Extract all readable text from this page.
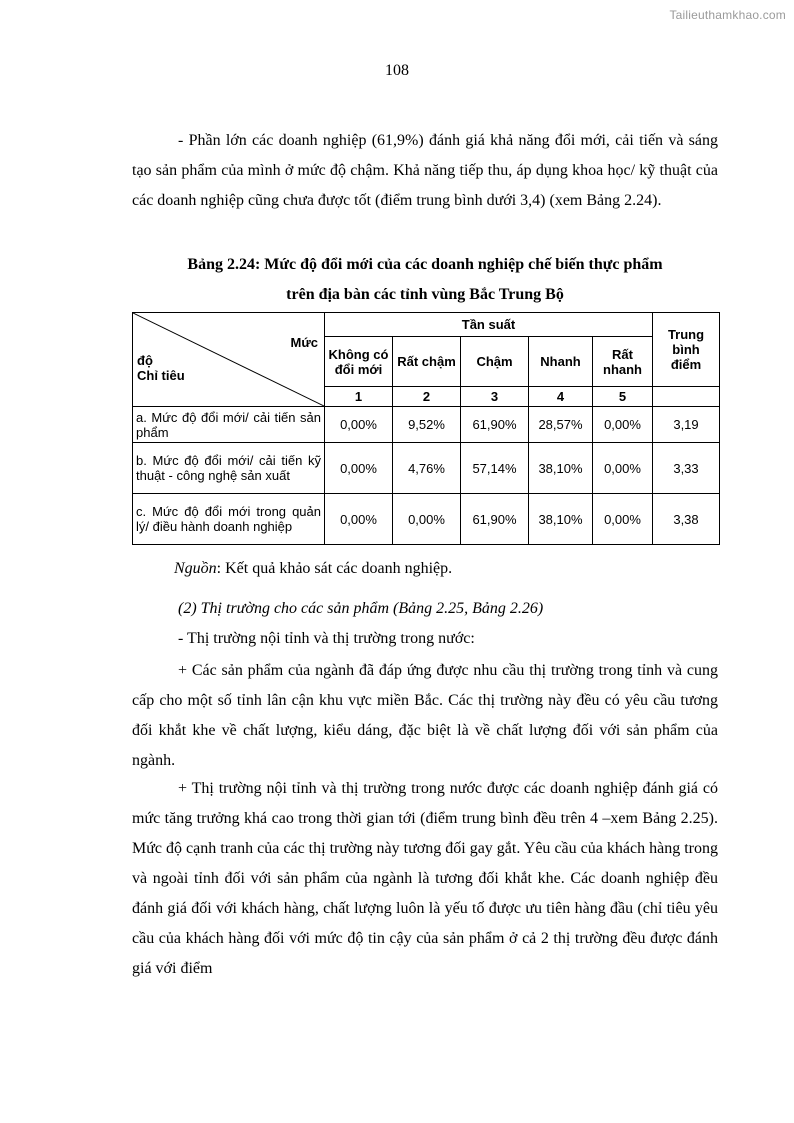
Tailieuthamkhao.com
108

- Phần lớn các doanh nghiệp (61,9%) đánh giá khả năng đổi mới, cải tiến và sáng tạo sản phẩm của mình ở mức độ chậm. Khả năng tiếp thu, áp dụng khoa học/ kỹ thuật của các doanh nghiệp cũng chưa được tốt (điểm trung bình dưới 3,4) (xem Bảng 2.24).

Bảng 2.24: Mức độ đổi mới của các doanh nghiệp chế biến thực phẩm

trên địa bàn các tỉnh vùng Bắc Trung Bộ

Mức
độ
Chỉ tiêu	Tần suất					Trung bình điểm
	Không có đổi mới	Rất chậm	Chậm	Nhanh	Rất nhanh	
	1	2	3	4	5	
a. Mức độ đổi mới/ cải tiến sản phẩm	0,00%	9,52%	61,90%	28,57%	0,00%	3,19
b. Mức độ đổi mới/ cải tiến kỹ thuật - công nghệ sản xuất	0,00%	4,76%	57,14%	38,10%	0,00%	3,33
c. Mức độ đổi mới trong quản lý/ điều hành doanh nghiệp	0,00%	0,00%	61,90%	38,10%	0,00%	3,38
Nguồn: Kết quả khảo sát các doanh nghiệp.

(2) Thị trường cho các sản phẩm (Bảng 2.25, Bảng 2.26)

- Thị trường nội tỉnh và thị trường trong nước:

+ Các sản phẩm của ngành đã đáp ứng được nhu cầu thị trường trong tỉnh và cung cấp cho một số tỉnh lân cận khu vực miền Bắc. Các thị trường này đều có yêu cầu tương đối khắt khe về chất lượng, kiểu dáng, đặc biệt là về chất lượng đối với sản phẩm của ngành.

+ Thị trường nội tỉnh và thị trường trong nước được các doanh nghiệp đánh giá có mức tăng trưởng khá cao trong thời gian tới (điểm trung bình đều trên 4 –xem Bảng 2.25). Mức độ cạnh tranh của các thị trường này tương đối gay gắt. Yêu cầu của khách hàng trong và ngoài tỉnh đối với sản phẩm của ngành là tương đối khắt khe. Các doanh nghiệp đều đánh giá đối với khách hàng, chất lượng luôn là yếu tố được ưu tiên hàng đầu (chỉ tiêu yêu cầu của khách hàng đối với mức độ tin cậy của sản phẩm ở cả 2 thị trường đều được đánh giá với điểm
